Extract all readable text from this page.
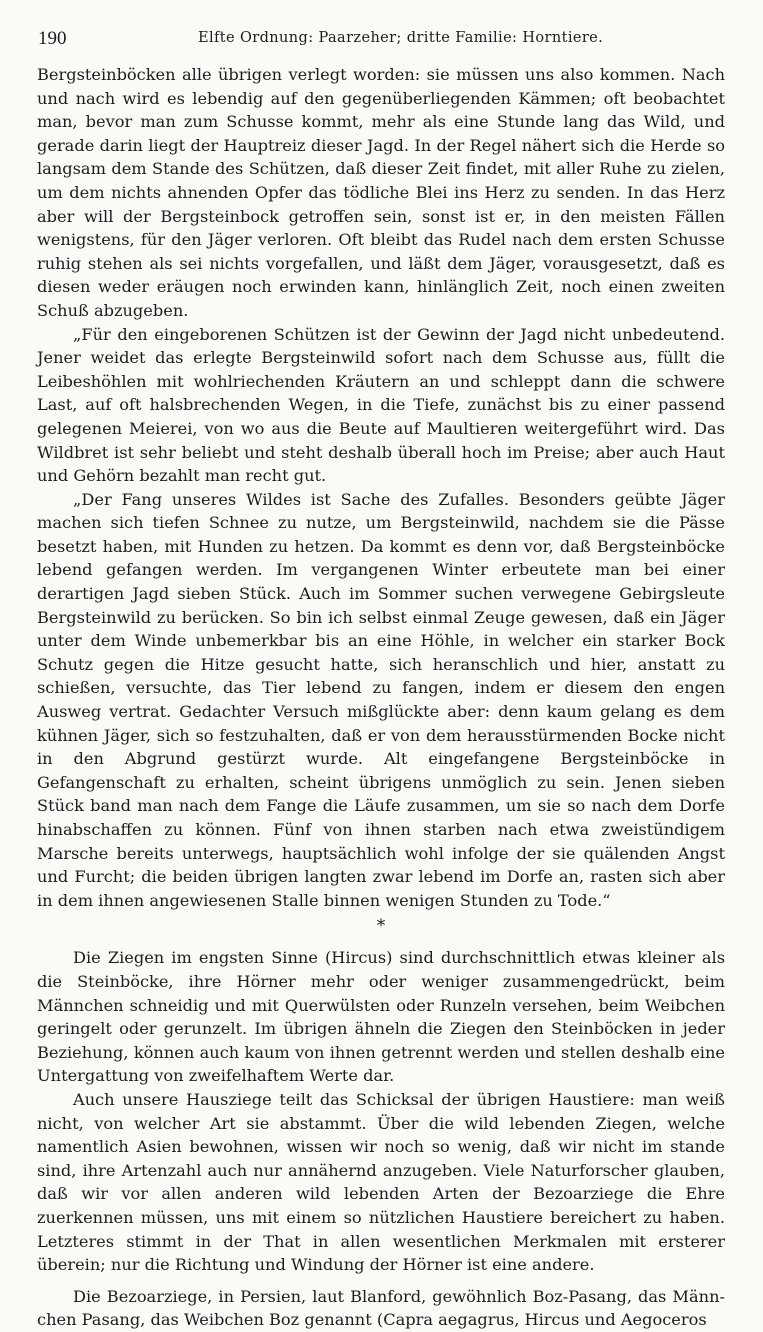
190	Elfte Ordnung: Paarzeher; dritte Familie: Horntiere.

Bergsteinböcken alle übrigen verlegt worden: sie müssen uns also kommen. Nach und nach wird es lebendig auf den gegenüberliegenden Kämmen; oft beobachtet man, bevor man zum Schusse kommt, mehr als eine Stunde lang das Wild, und gerade darin liegt der Hauptreiz dieser Jagd. In der Regel nähert sich die Herde so langsam dem Stande des Schützen, daß dieser Zeit findet, mit aller Ruhe zu zielen, um dem nichts ahnenden Opfer das tödliche Blei ins Herz zu senden. In das Herz aber will der Bergsteinbock getroffen sein, sonst ist er, in den meisten Fällen wenigstens, für den Jäger verloren. Oft bleibt das Rudel nach dem ersten Schusse ruhig stehen als sei nichts vorgefallen, und läßt dem Jäger, vorausgesetzt, daß es diesen weder eräugen noch erwinden kann, hinlänglich Zeit, noch einen zweiten Schuß abzugeben.

„Für den eingeborenen Schützen ist der Gewinn der Jagd nicht unbedeutend. Jener weidet das erlegte Bergsteinwild sofort nach dem Schusse aus, füllt die Leibeshöhlen mit wohlriechenden Kräutern an und schleppt dann die schwere Last, auf oft halsbrechenden Wegen, in die Tiefe, zunächst bis zu einer passend gelegenen Meierei, von wo aus die Beute auf Maultieren weitergeführt wird. Das Wildbret ist sehr beliebt und steht deshalb überall hoch im Preise; aber auch Haut und Gehörn bezahlt man recht gut.

„Der Fang unseres Wildes ist Sache des Zufalles. Besonders geübte Jäger machen sich tiefen Schnee zu nutze, um Bergsteinwild, nachdem sie die Pässe besetzt haben, mit Hunden zu hetzen. Da kommt es denn vor, daß Bergsteinböcke lebend gefangen werden. Im vergangenen Winter erbeutete man bei einer derartigen Jagd sieben Stück. Auch im Sommer suchen verwegene Gebirgsleute Bergsteinwild zu berücken. So bin ich selbst einmal Zeuge gewesen, daß ein Jäger unter dem Winde unbemerkbar bis an eine Höhle, in welcher ein starker Bock Schutz gegen die Hitze gesucht hatte, sich heranschlich und hier, anstatt zu schießen, versuchte, das Tier lebend zu fangen, indem er diesem den engen Ausweg vertrat. Gedachter Versuch mißglückte aber: denn kaum gelang es dem kühnen Jäger, sich so festzuhalten, daß er von dem herausstürmenden Bocke nicht in den Abgrund gestürzt wurde. Alt eingefangene Bergsteinböcke in Gefangenschaft zu erhalten, scheint übrigens unmöglich zu sein. Jenen sieben Stück band man nach dem Fange die Läufe zusammen, um sie so nach dem Dorfe hinabschaffen zu können. Fünf von ihnen starben nach etwa zweistündigem Marsche bereits unterwegs, hauptsächlich wohl infolge der sie quälenden Angst und Furcht; die beiden übrigen langten zwar lebend im Dorfe an, rasten sich aber in dem ihnen angewiesenen Stalle binnen wenigen Stunden zu Tode.“

*

Die Ziegen im engsten Sinne (Hircus) sind durchschnittlich etwas kleiner als die Steinböcke, ihre Hörner mehr oder weniger zusammengedrückt, beim Männchen schneidig und mit Querwülsten oder Runzeln versehen, beim Weibchen geringelt oder gerunzelt. Im übrigen ähneln die Ziegen den Steinböcken in jeder Beziehung, können auch kaum von ihnen getrennt werden und stellen deshalb eine Untergattung von zweifelhaftem Werte dar.

Auch unsere Hausziege teilt das Schicksal der übrigen Haustiere: man weiß nicht, von welcher Art sie abstammt. Über die wild lebenden Ziegen, welche namentlich Asien bewohnen, wissen wir noch so wenig, daß wir nicht im stande sind, ihre Artenzahl auch nur annähernd anzugeben. Viele Naturforscher glauben, daß wir vor allen anderen wild lebenden Arten der Bezoarziege die Ehre zuerkennen müssen, uns mit einem so nützlichen Haustiere bereichert zu haben. Letzteres stimmt in der That in allen wesentlichen Merkmalen mit ersterer überein; nur die Richtung und Windung der Hörner ist eine andere.

Die Bezoarziege, in Persien, laut Blanford, gewöhnlich Boz-Pasang, das Männchen Pasang, das Weibchen Boz genannt (Capra aegagrus, Hircus und Aegoceros
